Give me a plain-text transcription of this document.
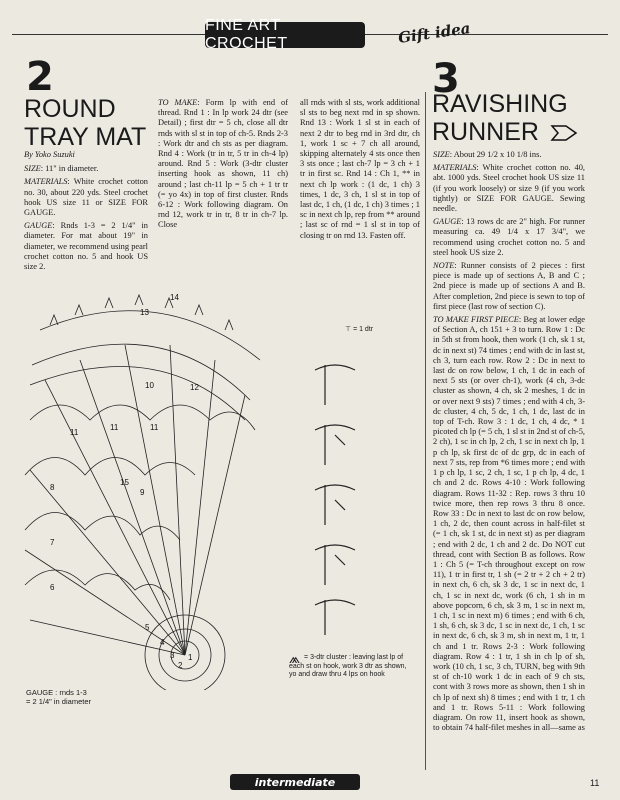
FINE ART CROCHET	Gift idea
2
ROUND
TRAY MAT
By Yoko Suzuki

SIZE: 11" in diameter.

MATERIALS: White crochet cotton no. 30, about 220 yds. Steel crochet hook US size 11 or SIZE FOR GAUGE.

GAUGE: Rnds 1-3 = 2 1/4" in diameter. For mat about 19" in diameter, we recommend using pearl crochet cotton no. 5 and hook US size 2.

TO MAKE: Form lp with end of thread. Rnd 1 : In lp work 24 dtr (see Detail) ; first dtr = 5 ch, close all dtr rnds with sl st in top of ch-5. Rnds 2-3 : Work dtr and ch sts as per diagram. Rnd 4 : Work (tr in tr, 5 tr in ch-4 lp) around. Rnd 5 : Work (3-dtr cluster inserting hook as shown, 11 ch) around ; last ch-11 lp = 5 ch + 1 tr tr (= yo 4x) in top of first cluster. Rnds 6-12 : Work following diagram. On rnd 12, work tr in tr, 8 tr in ch-7 lp. Close

all rnds with sl sts, work additional sl sts to beg next rnd in sp shown. Rnd 13 : Work 1 sl st in each of next 2 dtr to beg rnd in 3rd dtr, ch 1, work 1 sc + 7 ch all around, skipping alternately 4 sts once then 3 sts once ; last ch-7 lp = 3 ch + 1 tr in first sc. Rnd 14 : Ch 1, ** in next ch lp work : (1 dc, 1 ch) 3 times, 1 dc, 3 ch, 1 sl st in top of last dc, 1 ch, (1 dc, 1 ch) 3 times ; 1 sc in next ch lp, rep from ** around ; last sc of rnd = 1 sl st in top of closing tr on rnd 13. Fasten off.

11
11	11
10	12
15
9
8
7
6
5
4
3
2
1
13
14
⊤ = 1 dtr
GAUGE : rnds 1-3
= 2 1/4" in diameter
⩕ = 3-dtr cluster : leaving last lp of each st on hook, work 3 dtr as shown, yo and draw thru 4 lps on hook
3
RAVISHING
RUNNER

SIZE: About 29 1/2 x 10 1/8 ins.

MATERIALS: White crochet cotton no. 40, abt. 1000 yds. Steel crochet hook US size 11 (if you work loosely) or size 9 (if you work tightly) or SIZE FOR GAUGE. Sewing needle.

GAUGE: 13 rows dc are 2" high. For runner measuring ca. 49 1/4 x 17 3/4", we recommend using crochet cotton no. 5 and steel hook US size 2.

NOTE: Runner consists of 2 pieces : first piece is made up of sections A, B and C ; 2nd piece is made up of sections A and B. After completion, 2nd piece is sewn to top of first piece (last row of section C).

TO MAKE FIRST PIECE: Beg at lower edge of Section A, ch 151 + 3 to turn. Row 1 : Dc in 5th st from hook, then work (1 ch, sk 1 st, dc in next st) 74 times ; end with dc in last st, ch 3, turn each row. Row 2 : Dc in next to last dc on row below, 1 ch, 1 dc in each of next 5 sts (or over ch-1), work (4 ch, 3-dc cluster as shown, 4 ch, sk 2 meshes, 1 dc in or over next 9 sts) 7 times ; end with 4 ch, 3-dc cluster, 4 ch, 5 dc, 1 ch, 1 dc, last dc in top of T-ch. Row 3 : 1 dc, 1 ch, 4 dc, * 1 picoted ch lp (= 5 ch, 1 sl st in 2nd st of ch-5, 2 ch), 1 sc in ch lp, 2 ch, 1 sc in next ch lp, 1 p ch lp, sk first dc of dc grp, dc in each of next 7 sts, rep from *6 times more ; end with 1 p ch lp, 1 sc, 2 ch, 1 sc, 1 p ch lp, 4 dc, 1 ch and 2 dc. Rows 4-10 : Work following diagram. Rows 11-32 : Rep. rows 3 thru 10 twice more, then rep rows 3 thru 8 once. Row 33 : Dc in next to last dc on row below, 1 ch, 2 dc, then count across in half-filet st (= 1 ch, sk 1 st, dc in next st) as per diagram ; end with 2 dc, 1 ch and 2 dc. Do NOT cut thread, cont with Section B as follows. Row 1 : Ch 5 (= T-ch throughout except on row 11), 1 tr in first tr, 1 sh (= 2 tr + 2 ch + 2 tr) in next ch, 6 ch, sk 3 dc, 1 sc in next dc, 1 ch, 1 sc in next dc, work (6 ch, 1 sh in m above popcorn, 6 ch, sk 3 m, 1 sc in next m, 1 ch, 1 sc in next m) 6 times ; end with 6 ch, 1 sh, 6 ch, sk 3 dc, 1 sc in next dc, 1 ch, 1 sc in next dc, 6 ch, sk 3 m, sh in next m, 1 tr, 1 ch and 1 tr. Rows 2-3 : Work following diagram. Row 4 : 1 tr, 1 sh in ch lp of sh, work (10 ch, 1 sc, 3 ch, TURN, beg with 9th st of ch-10 work 1 dc in each of 9 ch sts, cont with 3 rows more as shown, then 1 sh in ch lp of next sh) 8 times ; end with 1 tr, 1 ch and 1 tr. Rows 5-11 : Work following diagram. On row 11, insert hook as shown, to obtain 74 half-filet meshes in all—same as

intermediate	11
